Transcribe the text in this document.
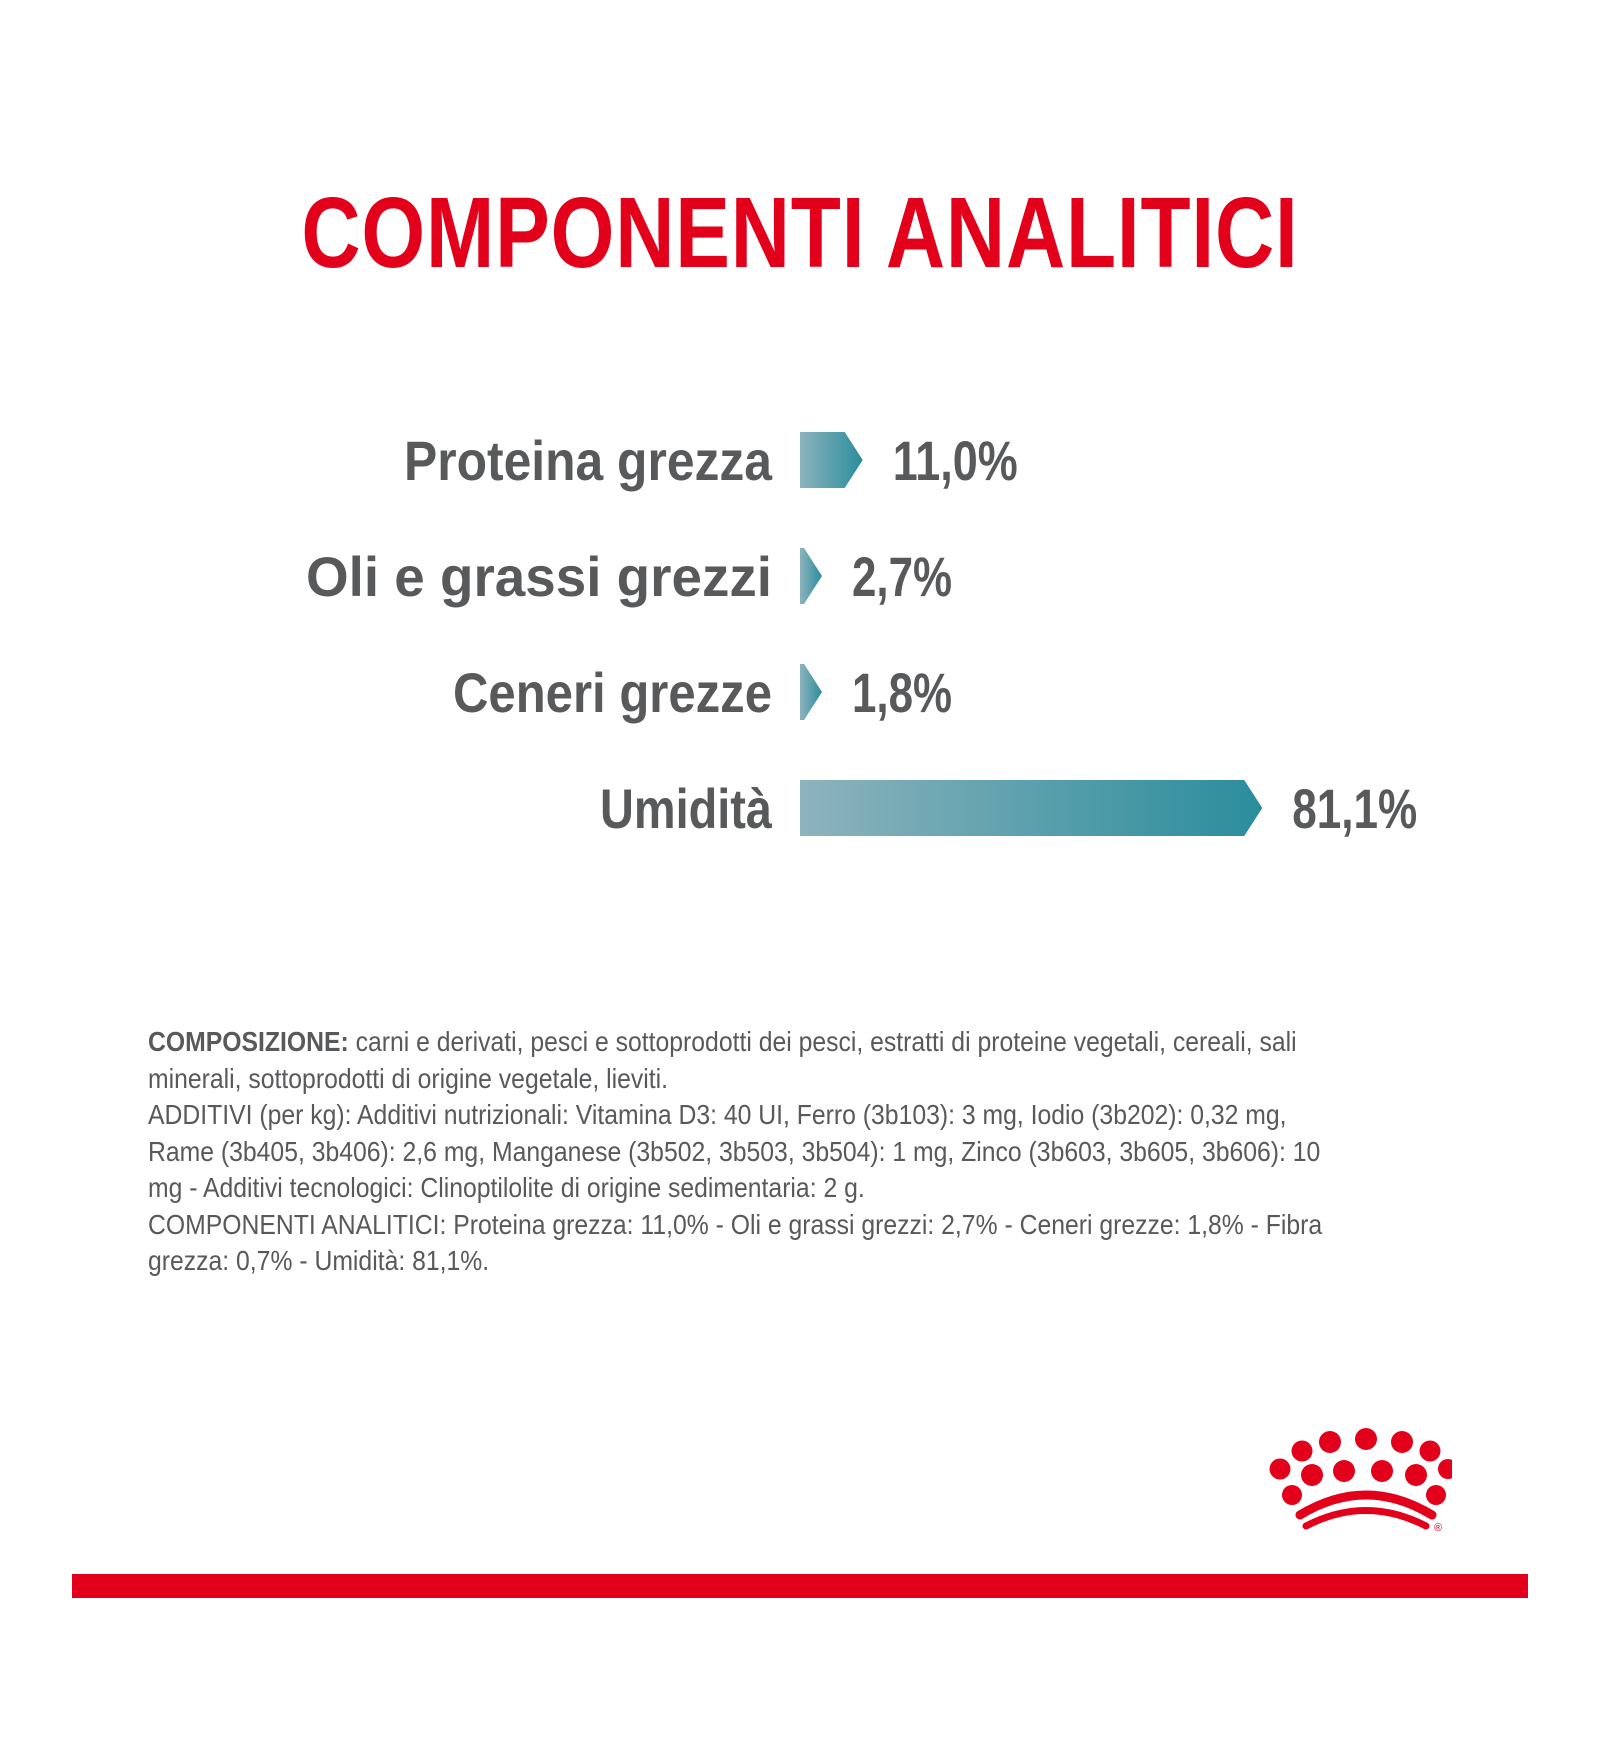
COMPONENTI ANALITICI
Proteina grezza 11,0%
Oli e grassi grezzi 2,7%
Ceneri grezze 1,8%
Umidità	81,1%

COMPOSIZIONE: carni e derivati, pesci e sottoprodotti dei pesci, estratti di proteine vegetali, cereali, sali minerali, sottoprodotti di origine vegetale, lieviti.

ADDITIVI (per kg): Additivi nutrizionali: Vitamina D3: 40 UI, Ferro (3b103): 3 mg, Iodio (3b202): 0,32 mg, Rame (3b405, 3b406): 2,6 mg, Manganese (3b502, 3b503, 3b504): 1 mg, Zinco (3b603, 3b605, 3b606): 10 mg - Additivi tecnologici: Clinoptilolite di origine sedimentaria: 2 g.

COMPONENTI ANALITICI: Proteina grezza: 11,0% - Oli e grassi grezzi: 2,7% - Ceneri grezze: 1,8% - Fibra grezza: 0,7% - Umidità: 81,1%.

®
